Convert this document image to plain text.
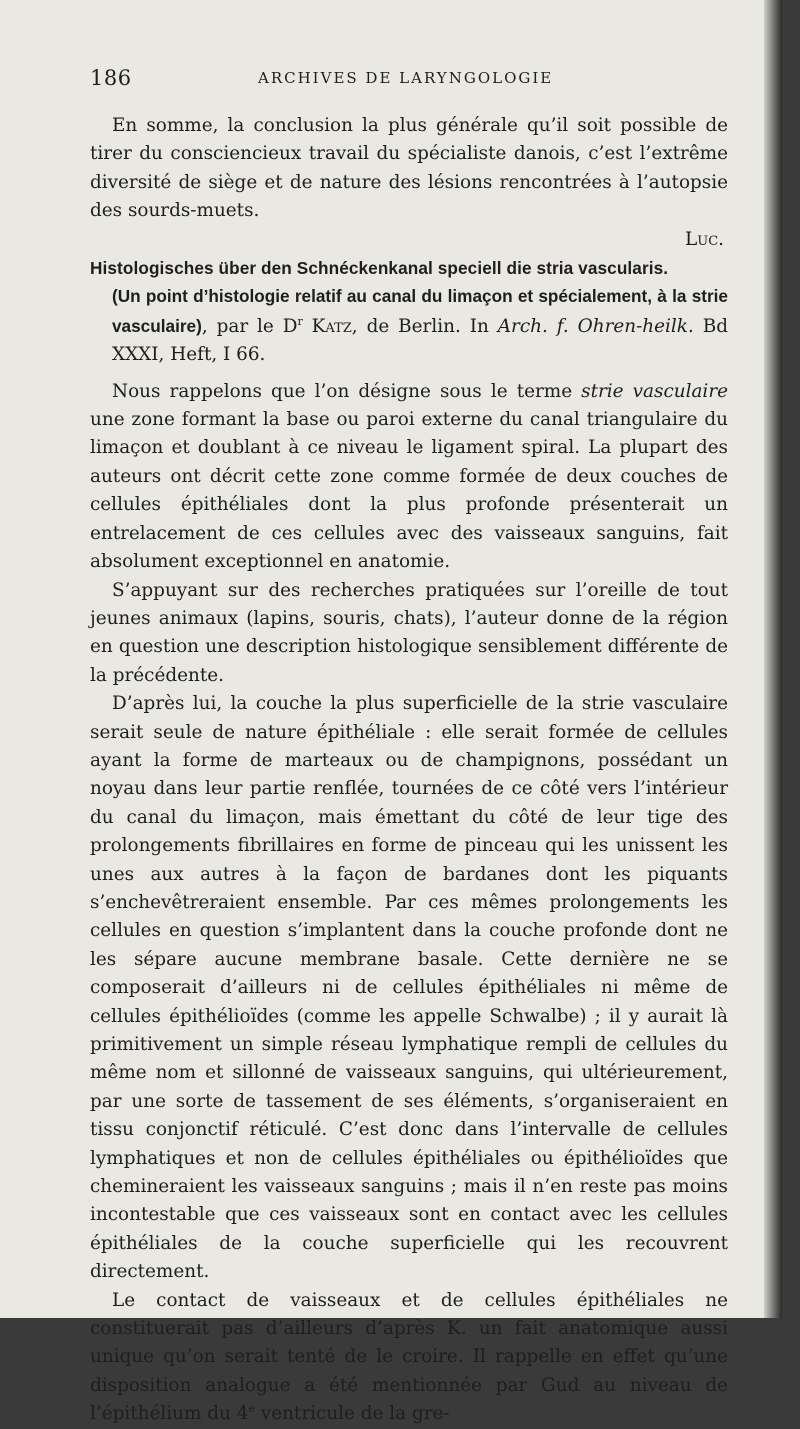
186	ARCHIVES DE LARYNGOLOGIE

En somme, la conclusion la plus générale qu’il soit possible de tirer du consciencieux travail du spécialiste danois, c’est l’extrême diversité de siège et de nature des lésions rencontrées à l’autopsie des sourds-muets.

Luc.

Histologisches über den Schnéckenkanal speciell die stria vascularis.

(Un point d’histologie relatif au canal du limaçon et spécialement, à la strie vasculaire), par le $D^r$ Katz, de Berlin. In Arch. f. Ohren-heilk. Bd XXXI, Heft, I 66.

Nous rappelons que l’on désigne sous le terme strie vasculaire une zone formant la base ou paroi externe du canal triangulaire du limaçon et doublant à ce niveau le ligament spiral. La plupart des auteurs ont décrit cette zone comme formée de deux couches de cellules épithéliales dont la plus profonde présenterait un entrelacement de ces cellules avec des vaisseaux sanguins, fait absolument exceptionnel en anatomie.

S’appuyant sur des recherches pratiquées sur l’oreille de tout jeunes animaux (lapins, souris, chats), l’auteur donne de la région en question une description histologique sensiblement différente de la précédente.

D’après lui, la couche la plus superficielle de la strie vasculaire serait seule de nature épithéliale : elle serait formée de cellules ayant la forme de marteaux ou de champignons, possédant un noyau dans leur partie renflée, tournées de ce côté vers l’intérieur du canal du limaçon, mais émettant du côté de leur tige des prolongements fibrillaires en forme de pinceau qui les unissent les unes aux autres à la façon de bardanes dont les piquants s’enchevêtreraient ensemble. Par ces mêmes prolongements les cellules en question s’implantent dans la couche profonde dont ne les sépare aucune membrane basale. Cette dernière ne se composerait d’ailleurs ni de cellules épithéliales ni même de cellules épithélioïdes (comme les appelle Schwalbe) ; il y aurait là primitivement un simple réseau lymphatique rempli de cellules du même nom et sillonné de vaisseaux sanguins, qui ultérieurement, par une sorte de tassement de ses éléments, s’organiseraient en tissu conjonctif réticulé. C’est donc dans l’intervalle de cellules lymphatiques et non de cellules épithéliales ou épithélioïdes que chemineraient les vaisseaux sanguins ; mais il n’en reste pas moins incontestable que ces vaisseaux sont en contact avec les cellules épithéliales de la couche superficielle qui les recouvrent directement.

Le contact de vaisseaux et de cellules épithéliales ne constituerait pas d’ailleurs d’après K. un fait anatomique aussi unique qu’on serait tenté de le croire. Il rappelle en effet qu’une disposition analogue a été mentionnée par Gud au niveau de l’épithélium du 4e ventricule de la gre-
